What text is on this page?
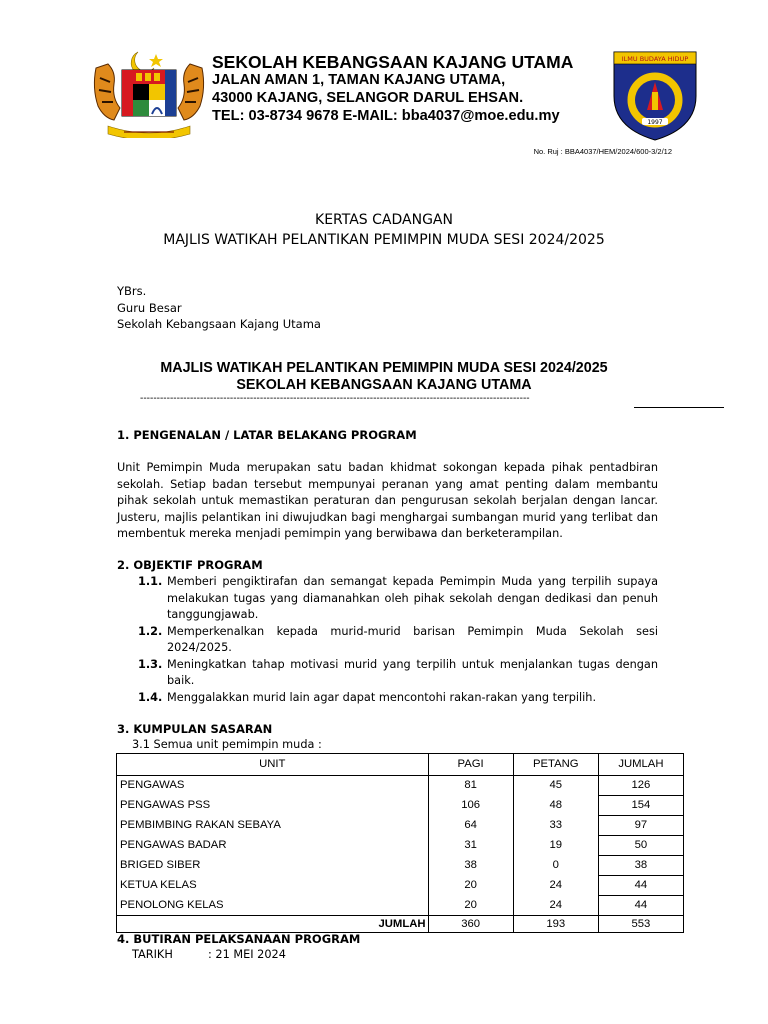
SEKOLAH KEBANGSAAN KAJANG UTAMA
JALAN AMAN 1, TAMAN KAJANG UTAMA,
43000 KAJANG, SELANGOR DARUL EHSAN.
TEL: 03-8734 9678 E-MAIL: bba4037@moe.edu.my
ILMU BUDAYA HIDUP
1997
No. Ruj : BBA4037/HEM/2024/600-3/2/12
KERTAS CADANGAN
MAJLIS WATIKAH PELANTIKAN PEMIMPIN MUDA SESI 2024/2025
YBrs.
Guru Besar
Sekolah Kebangsaan Kajang Utama
MAJLIS WATIKAH PELANTIKAN PEMIMPIN MUDA SESI 2024/2025
SEKOLAH KEBANGSAAN KAJANG UTAMA
---------------------------------------------------------------------------------------------------------------------
1. PENGENALAN / LATAR BELAKANG PROGRAM
Unit Pemimpin Muda merupakan satu badan khidmat sokongan kepada pihak pentadbiran sekolah. Setiap badan tersebut mempunyai peranan yang amat penting dalam membantu pihak sekolah untuk memastikan peraturan dan pengurusan sekolah berjalan dengan lancar. Justeru, majlis pelantikan ini diwujudkan bagi menghargai sumbangan murid yang terlibat dan membentuk mereka menjadi pemimpin yang berwibawa dan berketerampilan.
2. OBJEKTIF PROGRAM
1.1. Memberi pengiktirafan dan semangat kepada Pemimpin Muda yang terpilih supaya melakukan tugas yang diamanahkan oleh pihak sekolah dengan dedikasi dan penuh tanggungjawab.
1.2. Memperkenalkan kepada murid-murid barisan Pemimpin Muda Sekolah sesi 2024/2025.
1.3. Meningkatkan tahap motivasi murid yang terpilih untuk menjalankan tugas dengan baik.
1.4. Menggalakkan murid lain agar dapat mencontohi rakan-rakan yang terpilih.
3. KUMPULAN SASARAN
3.1 Semua unit pemimpin muda :
UNIT	PAGI	PETANG	JUMLAH
PENGAWAS	81	45	126
PENGAWAS PSS	106	48	154
PEMBIMBING RAKAN SEBAYA	64	33	97
PENGAWAS BADAR	31	19	50
BRIGED SIBER	38	0	38
KETUA KELAS	20	24	44
PENOLONG KELAS	20	24	44
JUMLAH	360	193	553
4. BUTIRAN PELAKSANAAN PROGRAM
TARIKH	: 21 MEI 2024
